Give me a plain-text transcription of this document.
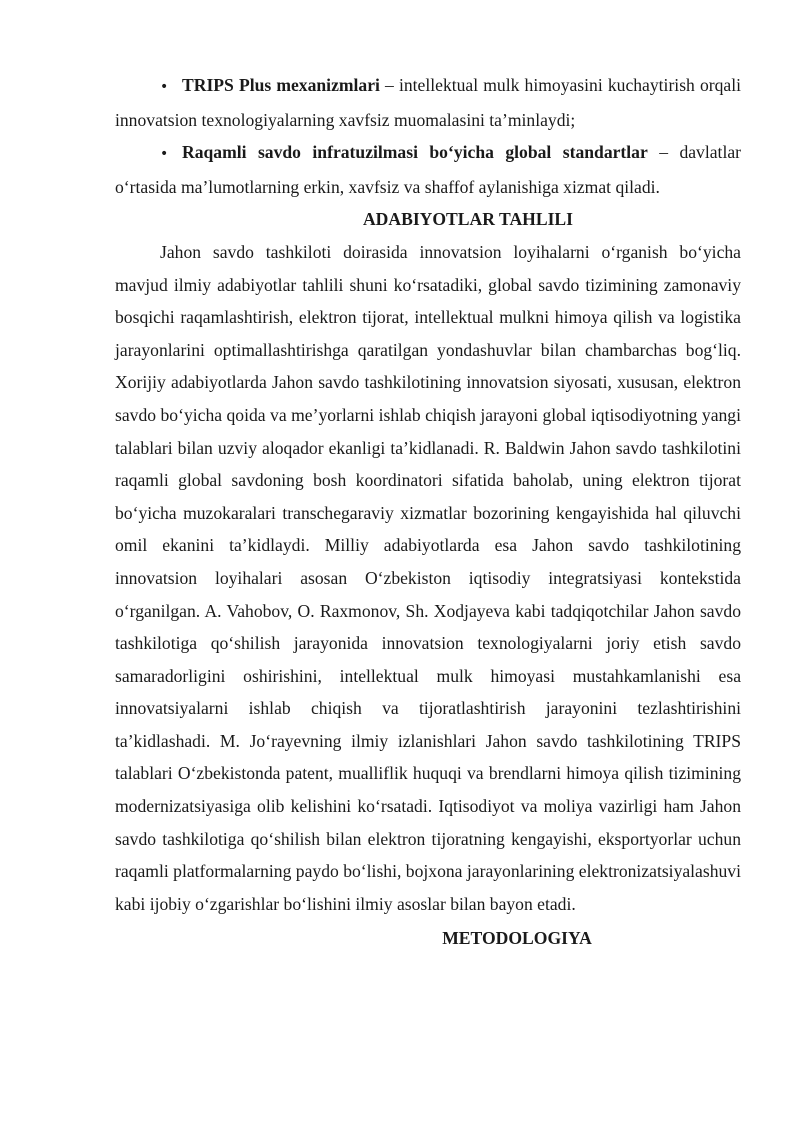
• TRIPS Plus mexanizmlari – intellektual mulk himoyasini kuchaytirish orqali innovatsion texnologiyalarning xavfsiz muomalasini ta’minlaydi;

• Raqamli savdo infratuzilmasi bo‘yicha global standartlar – davlatlar o‘rtasida ma’lumotlarning erkin, xavfsiz va shaffof aylanishiga xizmat qiladi.

ADABIYOTLAR TAHLILI

Jahon savdo tashkiloti doirasida innovatsion loyihalarni o‘rganish bo‘yicha mavjud ilmiy adabiyotlar tahlili shuni ko‘rsatadiki, global savdo tizimining zamonaviy bosqichi raqamlashtirish, elektron tijorat, intellektual mulkni himoya qilish va logistika jarayonlarini optimallashtirishga qaratilgan yondashuvlar bilan chambarchas bog‘liq. Xorijiy adabiyotlarda Jahon savdo tashkilotining innovatsion siyosati, xususan, elektron savdo bo‘yicha qoida va me’yorlarni ishlab chiqish jarayoni global iqtisodiyotning yangi talablari bilan uzviy aloqador ekanligi ta’kidlanadi. R. Baldwin Jahon savdo tashkilotini raqamli global savdoning bosh koordinatori sifatida baholab, uning elektron tijorat bo‘yicha muzokaralari transchegaraviy xizmatlar bozorining kengayishida hal qiluvchi omil ekanini ta’kidlaydi. Milliy adabiyotlarda esa Jahon savdo tashkilotining innovatsion loyihalari asosan O‘zbekiston iqtisodiy integratsiyasi kontekstida o‘rganilgan. A. Vahobov, O. Raxmonov, Sh. Xodjayeva kabi tadqiqotchilar Jahon savdo tashkilotiga qo‘shilish jarayonida innovatsion texnologiyalarni joriy etish savdo samaradorligini oshirishini, intellektual mulk himoyasi mustahkamlanishi esa innovatsiyalarni ishlab chiqish va tijoratlashtirish jarayonini tezlashtirishini ta’kidlashadi. M. Jo‘rayevning ilmiy izlanishlari Jahon savdo tashkilotining TRIPS talablari O‘zbekistonda patent, mualliflik huquqi va brendlarni himoya qilish tizimining modernizatsiyasiga olib kelishini ko‘rsatadi. Iqtisodiyot va moliya vazirligi ham Jahon savdo tashkilotiga qo‘shilish bilan elektron tijoratning kengayishi, eksportyorlar uchun raqamli platformalarning paydo bo‘lishi, bojxona jarayonlarining elektronizatsiyalashuvi kabi ijobiy o‘zgarishlar bo‘lishini ilmiy asoslar bilan bayon etadi.

METODOLOGIYA
